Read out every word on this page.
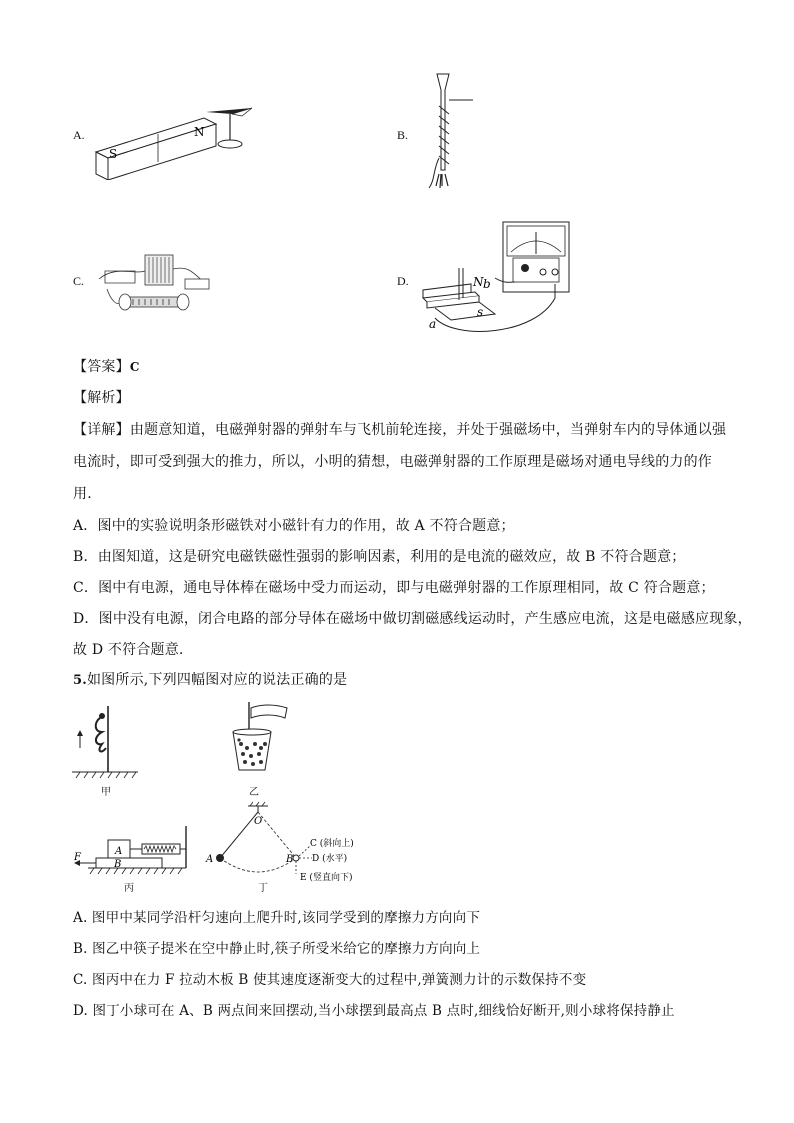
A.	B.
C.	D.
S
N
N b
a
s
【答案】C
【解析】
【详解】由题意知道，电磁弹射器的弹射车与飞机前轮连接，并处于强磁场中，当弹射车内的导体通以强
电流时，即可受到强大的推力，所以，小明的猜想，电磁弹射器的工作原理是磁场对通电导线的力的作
用.
A．图中的实验说明条形磁铁对小磁针有力的作用，故 A 不符合题意；
B．由图知道，这是研究电磁铁磁性强弱的影响因素，利用的是电流的磁效应，故 B 不符合题意；
C．图中有电源，通电导体棒在磁场中受力而运动，即与电磁弹射器的工作原理相同，故 C 符合题意；
D．图中没有电源，闭合电路的部分导体在磁场中做切割磁感线运动时，产生感应电流，这是电磁感应现象，
故 D 不符合题意.
5.如图所示,下列四幅图对应的说法正确的是
甲	乙
A
B
F
丙
O
A	B
C (斜向上)
D (水平)
E (竖直向下)
丁
A. 图甲中某同学沿杆匀速向上爬升时,该同学受到的摩擦力方向向下
B. 图乙中筷子提米在空中静止时,筷子所受米给它的摩擦力方向向上
C. 图丙中在力 F 拉动木板 B 使其速度逐渐变大的过程中,弹簧测力计的示数保持不变
D. 图丁小球可在 A、B 两点间来回摆动,当小球摆到最高点 B 点时,细线恰好断开,则小球将保持静止
